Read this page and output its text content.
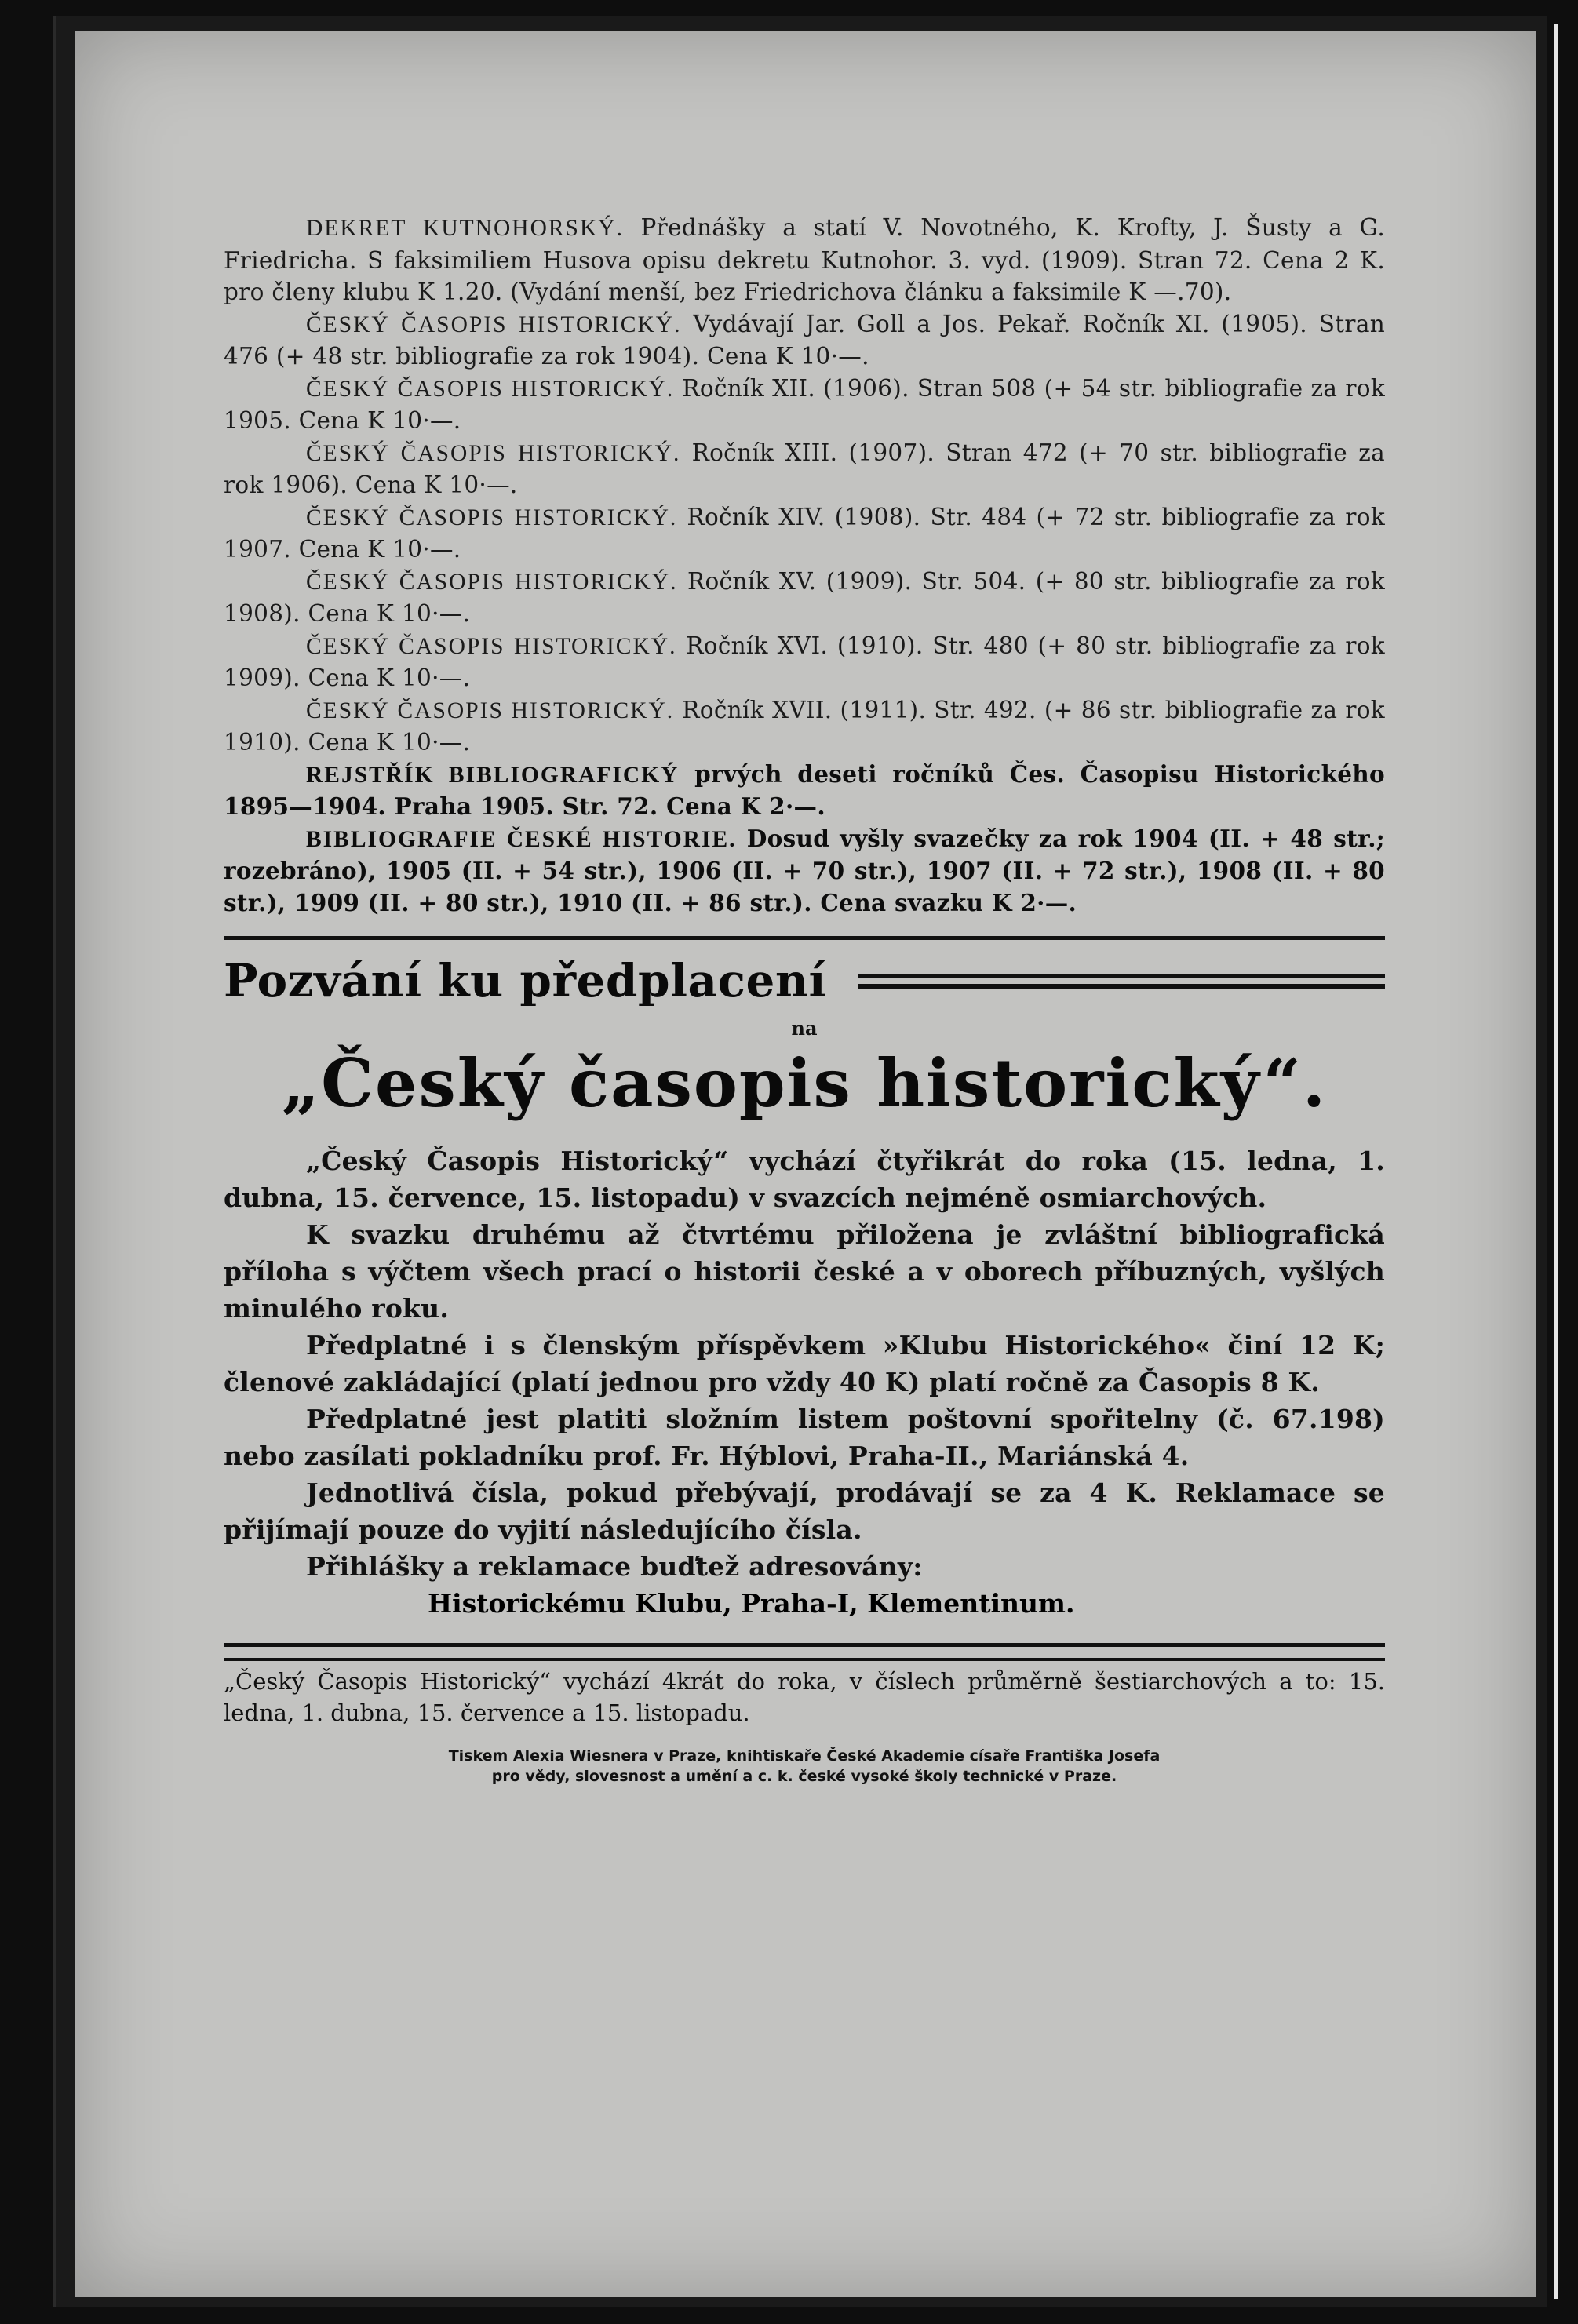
DEKRET KUTNOHORSKÝ. Přednášky a statí V. Novotného, K. Krofty, J. Šusty a G. Friedricha. S faksimiliem Husova opisu dekretu Kutnohor. 3. vyd. (1909). Stran 72. Cena 2 K. pro členy klubu K 1.20. (Vydání menší, bez Friedrichova článku a faksimile K —.70).

ČESKÝ ČASOPIS HISTORICKÝ. Vydávají Jar. Goll a Jos. Pekař. Ročník XI. (1905). Stran 476 (+ 48 str. bibliografie za rok 1904). Cena K 10·—.

ČESKÝ ČASOPIS HISTORICKÝ. Ročník XII. (1906). Stran 508 (+ 54 str. bibliografie za rok 1905. Cena K 10·—.

ČESKÝ ČASOPIS HISTORICKÝ. Ročník XIII. (1907). Stran 472 (+ 70 str. bibliografie za rok 1906). Cena K 10·—.

ČESKÝ ČASOPIS HISTORICKÝ. Ročník XIV. (1908). Str. 484 (+ 72 str. bibliografie za rok 1907. Cena K 10·—.

ČESKÝ ČASOPIS HISTORICKÝ. Ročník XV. (1909). Str. 504. (+ 80 str. bibliografie za rok 1908). Cena K 10·—.

ČESKÝ ČASOPIS HISTORICKÝ. Ročník XVI. (1910). Str. 480 (+ 80 str. bibliografie za rok 1909). Cena K 10·—.

ČESKÝ ČASOPIS HISTORICKÝ. Ročník XVII. (1911). Str. 492. (+ 86 str. bibliografie za rok 1910). Cena K 10·—.

REJSTŘÍK BIBLIOGRAFICKÝ prvých deseti ročníků Čes. Časopisu Historického 1895—1904. Praha 1905. Str. 72. Cena K 2·—.

BIBLIOGRAFIE ČESKÉ HISTORIE. Dosud vyšly svazečky za rok 1904 (II. + 48 str.; rozebráno), 1905 (II. + 54 str.), 1906 (II. + 70 str.), 1907 (II. + 72 str.), 1908 (II. + 80 str.), 1909 (II. + 80 str.), 1910 (II. + 86 str.). Cena svazku K 2·—.

Pozvání ku předplacení
na
„Český časopis historický“.

„Český Časopis Historický“ vychází čtyřikrát do roka (15. ledna, 1. dubna, 15. července, 15. listopadu) v svazcích nejméně osmiarchových.

K svazku druhému až čtvrtému přiložena je zvláštní bibliografická příloha s výčtem všech prací o historii české a v oborech příbuzných, vyšlých minulého roku.

Předplatné i s členským příspěvkem »Klubu Historického« činí 12 K; členové zakládající (platí jednou pro vždy 40 K) platí ročně za Časopis 8 K.

Předplatné jest platiti složním listem poštovní spořitelny (č. 67.198) nebo zasílati pokladníku prof. Fr. Hýblovi, Praha-II., Mariánská 4.

Jednotlivá čísla, pokud přebývají, prodávají se za 4 K. Reklamace se přijímají pouze do vyjití následujícího čísla.

Přihlášky a reklamace buďtež adresovány:

Historickému Klubu, Praha-I, Klementinum.

„Český Časopis Historický“ vychází 4krát do roka, v číslech průměrně šestiarchových a to: 15. ledna, 1. dubna, 15. července a 15. listopadu.

Tiskem Alexia Wiesnera v Praze, knihtiskaře České Akademie císaře Františka Josefa
pro vědy, slovesnost a umění a c. k. české vysoké školy technické v Praze.
